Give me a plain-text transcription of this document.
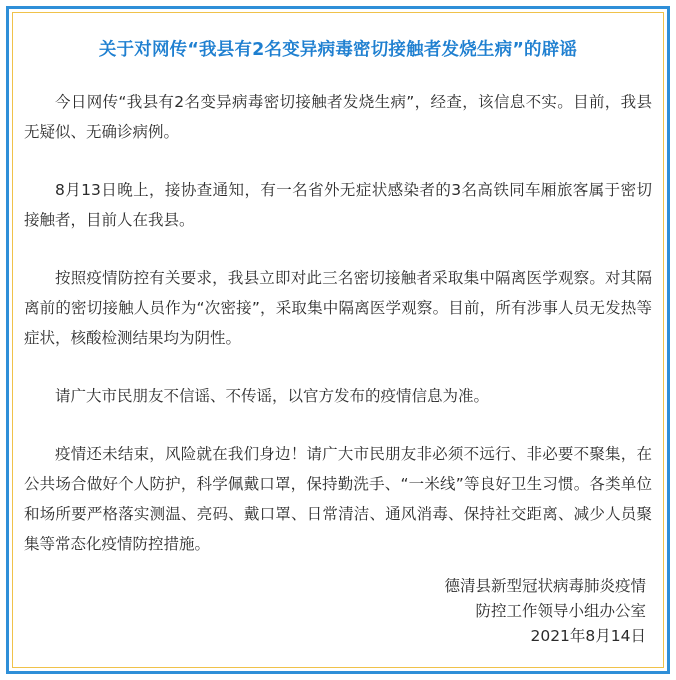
关于对网传“我县有2名变异病毒密切接触者发烧生病”的辟谣

今日网传“我县有2名变异病毒密切接触者发烧生病”，经查，该信息不实。目前，我县无疑似、无确诊病例。

8月13日晚上，接协查通知，有一名省外无症状感染者的3名高铁同车厢旅客属于密切接触者，目前人在我县。

按照疫情防控有关要求，我县立即对此三名密切接触者采取集中隔离医学观察。对其隔离前的密切接触人员作为“次密接”，采取集中隔离医学观察。目前，所有涉事人员无发热等症状，核酸检测结果均为阴性。

请广大市民朋友不信谣、不传谣，以官方发布的疫情信息为准。

疫情还未结束，风险就在我们身边！请广大市民朋友非必须不远行、非必要不聚集，在公共场合做好个人防护，科学佩戴口罩，保持勤洗手、“一米线”等良好卫生习惯。各类单位和场所要严格落实测温、亮码、戴口罩、日常清洁、通风消毒、保持社交距离、减少人员聚集等常态化疫情防控措施。

德清县新型冠状病毒肺炎疫情
防控工作领导小组办公室
2021年8月14日
